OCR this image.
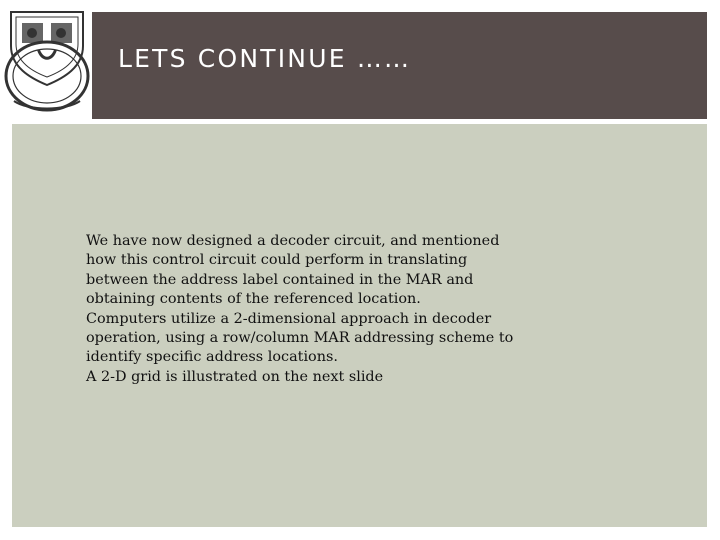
LETS CONTINUE ……

We have now designed a decoder circuit, and mentioned
how this control circuit could perform in translating
between the address label contained in the MAR and
obtaining contents of the referenced location.
Computers utilize a 2-dimensional approach in decoder
operation, using a row/column MAR addressing scheme to
identify specific address locations.
A 2-D grid is illustrated on the next slide
